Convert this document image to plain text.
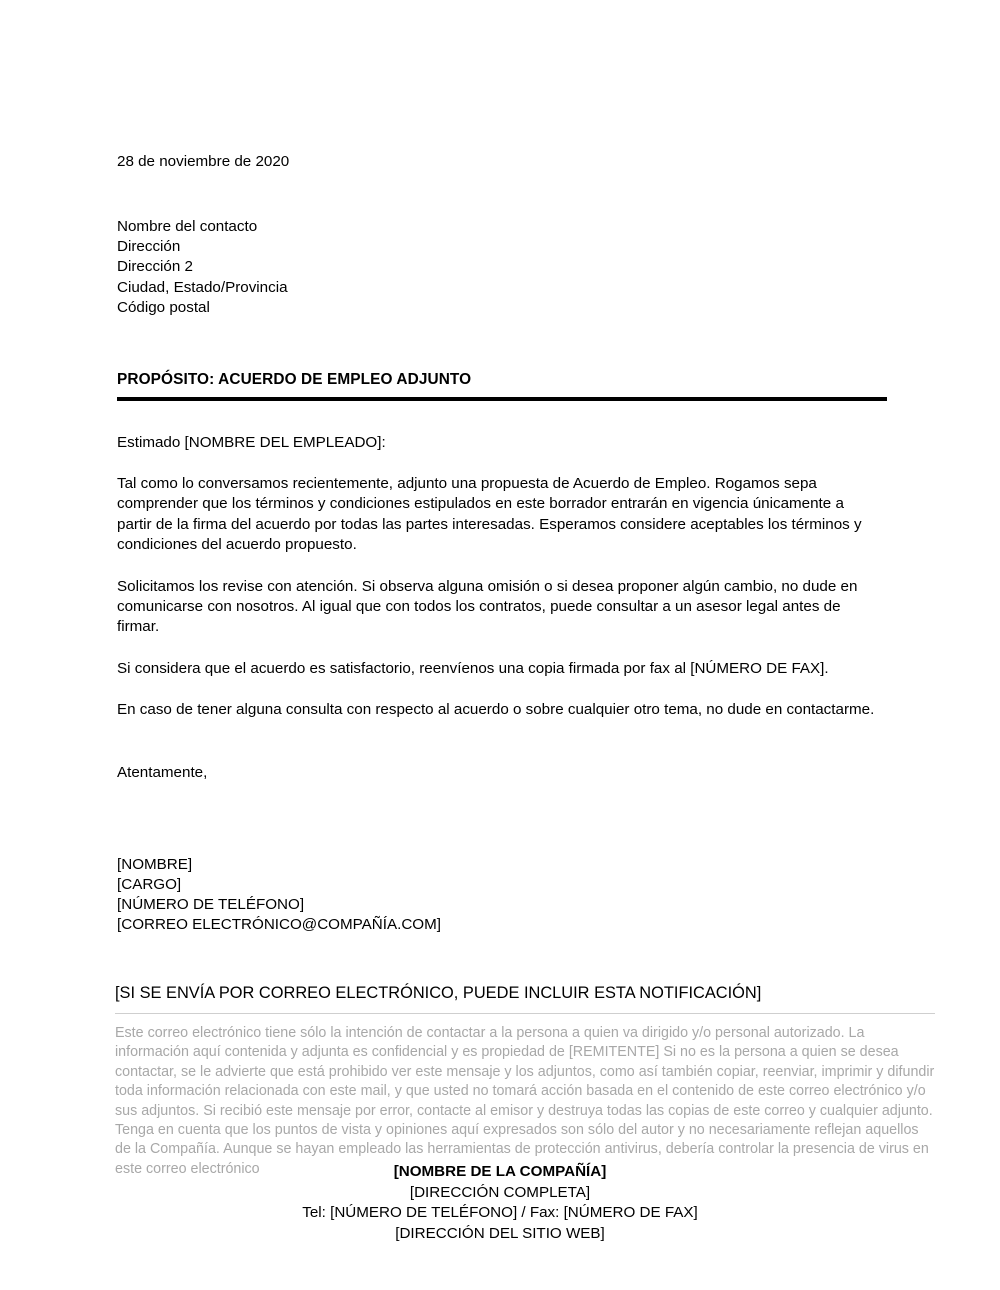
28 de noviembre de 2020
Nombre del contacto
Dirección
Dirección 2
Ciudad, Estado/Provincia
Código postal
PROPÓSITO: ACUERDO DE EMPLEO ADJUNTO
Estimado [NOMBRE DEL EMPLEADO]:
Tal como lo conversamos recientemente, adjunto una propuesta de Acuerdo de Empleo. Rogamos sepa comprender que los términos y condiciones estipulados en este borrador entrarán en vigencia únicamente a partir de la firma del acuerdo por todas las partes interesadas. Esperamos considere aceptables los términos y condiciones del acuerdo propuesto.
Solicitamos los revise con atención. Si observa alguna omisión o si desea proponer algún cambio, no dude en comunicarse con nosotros. Al igual que con todos los contratos, puede consultar a un asesor legal antes de firmar.
Si considera que el acuerdo es satisfactorio, reenvíenos una copia firmada por fax al [NÚMERO DE FAX].
En caso de tener alguna consulta con respecto al acuerdo o sobre cualquier otro tema, no dude en contactarme.
Atentamente,
[NOMBRE]
[CARGO]
[NÚMERO DE TELÉFONO]
[CORREO ELECTRÓNICO@COMPAÑÍA.COM]
[SI SE ENVÍA POR CORREO ELECTRÓNICO, PUEDE INCLUIR ESTA NOTIFICACIÓN]
Este correo electrónico tiene sólo la intención de contactar a la persona a quien va dirigido y/o personal autorizado. La información aquí contenida y adjunta es confidencial y es propiedad de [REMITENTE] Si no es la persona a quien se desea contactar, se le advierte que está prohibido ver este mensaje y los adjuntos, como así también copiar, reenviar, imprimir y difundir toda información relacionada con este mail, y que usted no tomará acción basada en el contenido de este correo electrónico y/o sus adjuntos. Si recibió este mensaje por error, contacte al emisor y destruya todas las copias de este correo y cualquier adjunto. Tenga en cuenta que los puntos de vista y opiniones aquí expresados son sólo del autor y no necesariamente reflejan aquellos de la Compañía. Aunque se hayan empleado las herramientas de protección antivirus, debería controlar la presencia de virus en este correo electrónico	[NOMBRE DE LA COMPAÑÍA]
[DIRECCIÓN COMPLETA]
Tel: [NÚMERO DE TELÉFONO] / Fax: [NÚMERO DE FAX]
[DIRECCIÓN DEL SITIO WEB]
